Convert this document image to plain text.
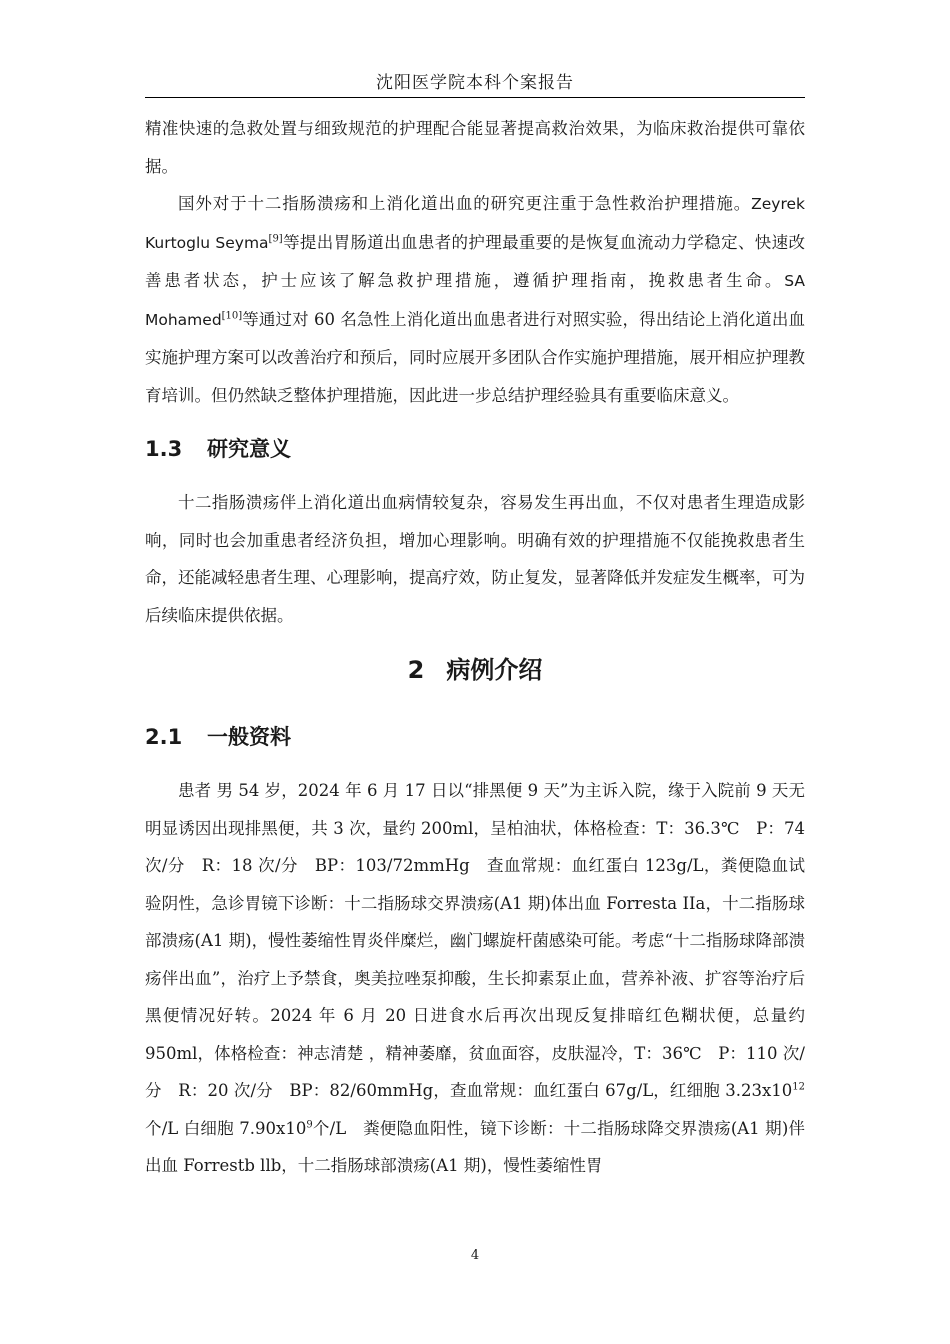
沈阳医学院本科个案报告

精准快速的急救处置与细致规范的护理配合能显著提高救治效果，为临床救治提供可靠依据。

国外对于十二指肠溃疡和上消化道出血的研究更注重于急性救治护理措施。Zeyrek Kurtoglu Seyma[9]等提出胃肠道出血患者的护理最重要的是恢复血流动力学稳定、快速改善患者状态，护士应该了解急救护理措施，遵循护理指南，挽救患者生命。SA Mohamed[10]等通过对 60 名急性上消化道出血患者进行对照实验，得出结论上消化道出血实施护理方案可以改善治疗和预后，同时应展开多团队合作实施护理措施，展开相应护理教育培训。但仍然缺乏整体护理措施，因此进一步总结护理经验具有重要临床意义。

1.3 研究意义

十二指肠溃疡伴上消化道出血病情较复杂，容易发生再出血，不仅对患者生理造成影响，同时也会加重患者经济负担，增加心理影响。明确有效的护理措施不仅能挽救患者生命，还能减轻患者生理、心理影响，提高疗效，防止复发，显著降低并发症发生概率，可为后续临床提供依据。

2 病例介绍
2.1 一般资料

患者 男 54 岁，2024 年 6 月 17 日以“排黑便 9 天”为主诉入院，缘于入院前 9 天无明显诱因出现排黑便，共 3 次，量约 200ml，呈柏油状，体格检查：T：36.3℃　P：74 次/分　R：18 次/分　BP：103/72mmHg　查血常规：血红蛋白 123g/L，粪便隐血试验阴性，急诊胃镜下诊断：十二指肠球交界溃疡(A1 期)体出血 Forresta IIa，十二指肠球部溃疡(A1 期)，慢性萎缩性胃炎伴糜烂，幽门螺旋杆菌感染可能。考虑“十二指肠球降部溃疡伴出血”，治疗上予禁食，奥美拉唑泵抑酸，生长抑素泵止血，营养补液、扩容等治疗后黑便情况好转。2024 年 6 月 20 日进食水后再次出现反复排暗红色糊状便，总量约 950ml，体格检查：神志清楚 ，精神萎靡，贫血面容，皮肤湿冷，T：36℃　P：110 次/分　R：20 次/分　BP：82/60mmHg，查血常规：血红蛋白 67g/L，红细胞 $3.23x10^{12}$个/L 白细胞 $7.90x10^9$个/L　粪便隐血阳性，镜下诊断：十二指肠球降交界溃疡(A1 期)伴出血 Forrestb llb，十二指肠球部溃疡(A1 期)，慢性萎缩性胃

4
